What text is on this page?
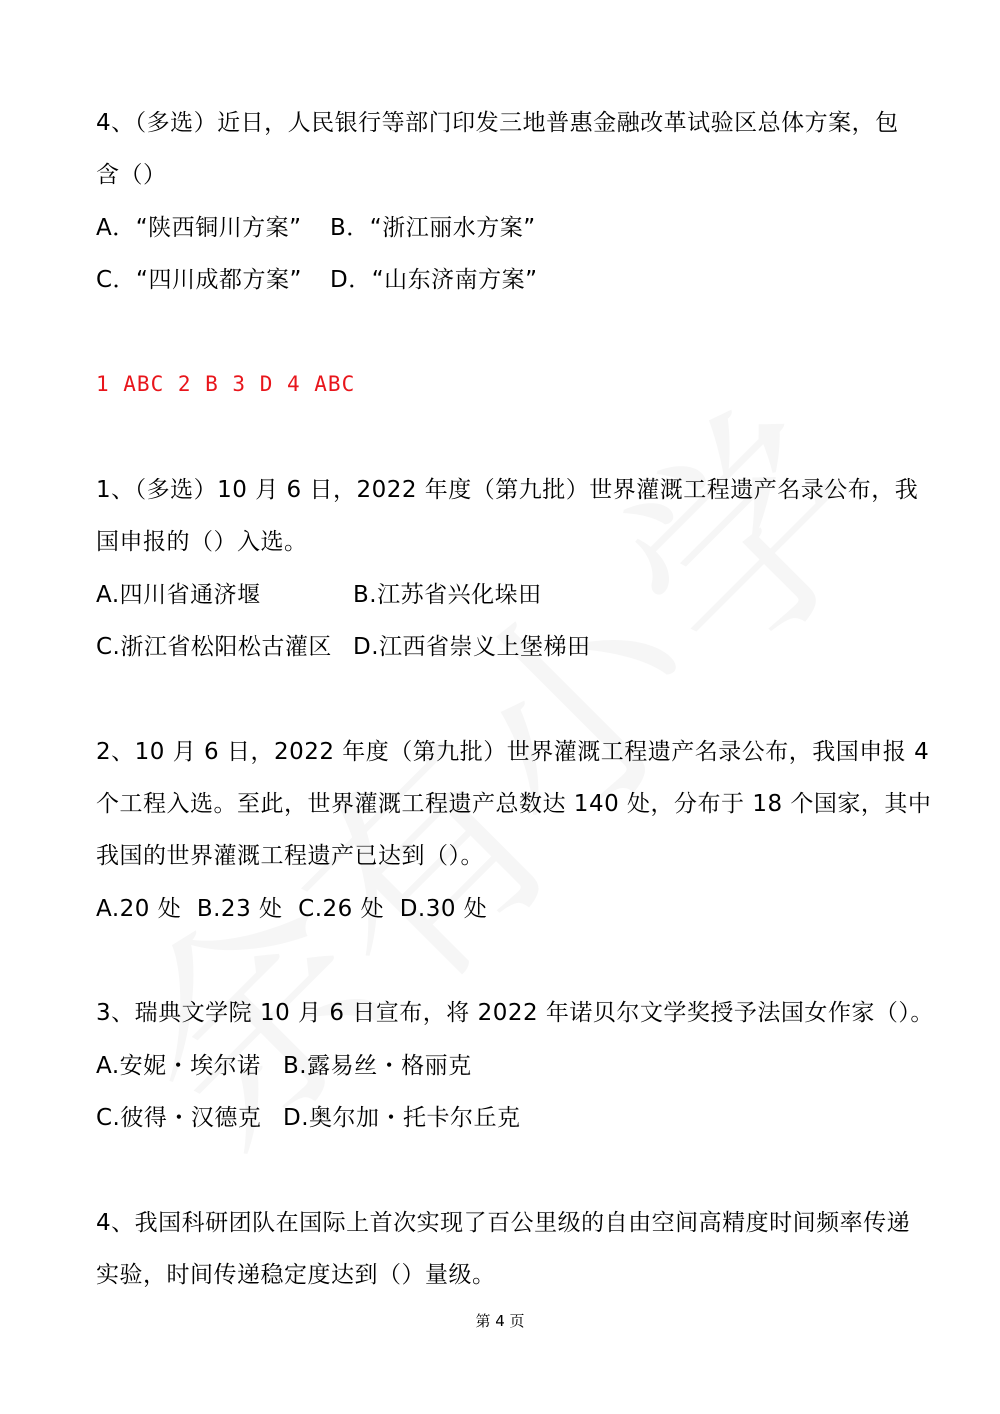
4、（多选）近日，人民银行等部门印发三地普惠金融改革试验区总体方案，包

含（）

A．“陕西铜川方案” B．“浙江丽水方案”

C．“四川成都方案” D．“山东济南方案”

1 ABC 2 B 3 D 4 ABC

1、（多选）10 月 6 日，2022 年度（第九批）世界灌溉工程遗产名录公布，我

国申报的（）入选。

A.四川省通济堰	B.江苏省兴化垛田

C.浙江省松阳松古灌区 D.江西省崇义上堡梯田

2、10 月 6 日，2022 年度（第九批）世界灌溉工程遗产名录公布，我国申报 4

个工程入选。至此，世界灌溉工程遗产总数达 140 处，分布于 18 个国家，其中

我国的世界灌溉工程遗产已达到（）。

A.20 处  B.23 处  C.26 处  D.30 处

3、瑞典文学院 10 月 6 日宣布，将 2022 年诺贝尔文学奖授予法国女作家（）。

A.安妮・埃尔诺 B.露易丝・格丽克

C.彼得・汉德克 D.奥尔加・托卡尔丘克

4、我国科研团队在国际上首次实现了百公里级的自由空间高精度时间频率传递

实验，时间传递稳定度达到（）量级。

第 4 页
